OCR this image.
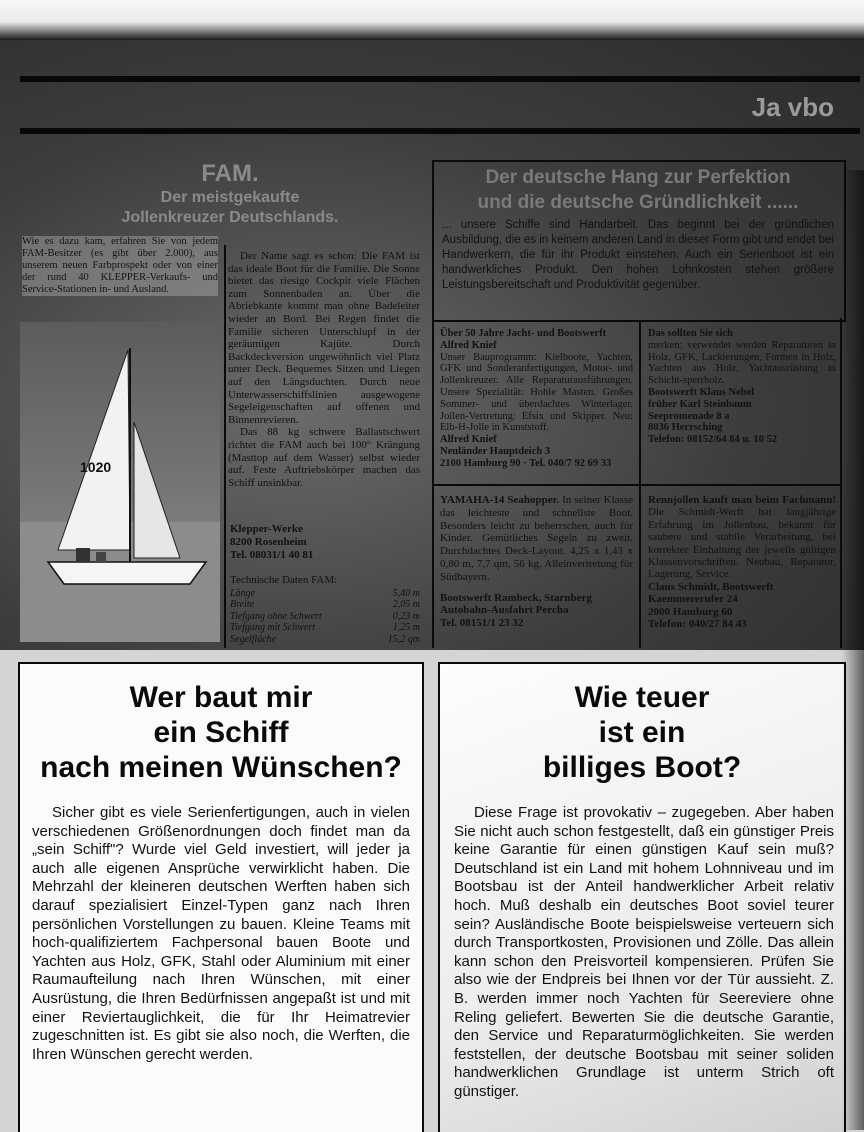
Ja vbo
FAM.
Der meistgekaufte
Jollenkreuzer Deutschlands.
Wie es dazu kam, erfahren Sie von jedem FAM-Besitzer (es gibt über 2.000), aus unserem neuen Farbprospekt oder von einer der rund 40 KLEPPER-Verkaufs- und Service-Stationen in- und Ausland.
1020

Der Name sagt es schon: Die FAM ist das ideale Boot für die Familie. Die Sonne bietet das riesige Cockpit viele Flächen zum Sonnenbaden an. Über die Abriebkante kommt man ohne Badeleiter wieder an Bord. Bei Regen findet die Familie sicheren Unterschlupf in der geräumigen Kajüte. Durch Backdeckversion ungewöhnlich viel Platz unter Deck. Bequemes Sitzen und Liegen auf den Längsduchten. Durch neue Unterwasserschiffslinien ausgewogene Segeleigenschaften auf offenen und Binnenrevieren.

Das 88 kg schwere Ballastschwert richtet die FAM auch bei 100° Krängung (Masttop auf dem Wasser) selbst wieder auf. Feste Auftriebskörper machen das Schiff unsinkbar.

Klepper-Werke
8200 Rosenheim
Tel. 08031/1 40 81
Technische Daten FAM:
Länge	5,40 m
Breite	2,05 m
Tiefgang ohne Schwert	0,23 m
Tiefgang mit Schwert	1,25 m
Segelfläche	15,2 qm
Der deutsche Hang zur Perfektion
und die deutsche Gründlichkeit ......
... unsere Schiffe sind Handarbeit. Das beginnt bei der gründlichen Ausbildung, die es in keinem anderen Land in dieser Form gibt und endet bei Handwerkern, die für ihr Produkt einstehen. Auch ein Serienboot ist ein handwerkliches Produkt. Den hohen Lohnkosten stehen größere Leistungsbereitschaft und Produktivität gegenüber.
Über 50 Jahre Jacht- und Bootswerft
Alfred Knief
Unser Bauprogramm: Kielboote, Yachten, GFK und Sonderanfertigungen, Motor- und Jollenkreuzer. Alle Reparaturausführungen. Unsere Spezialität: Hohle Masten. Großes Sommer- und überdachtes Winterlager. Jollen-Vertretung: Efsix und Skipper. Neu: Elb-H-Jolle in Kunststoff.
Alfred Knief
Neuländer Hauptdeich 3
2100 Hamburg 90 · Tel. 040/7 92 69 33
Das sollten Sie sich
merken: verwendet werden Reparaturen in Holz, GFK, Lackierungen, Formen in Holz, Yachten aus Holz, Yachtausrüstung in Schicht-sperrholz.
Bootswerft Klaus Nebel
früher Karl Steinbaum
Seepromenade 8 a
8036 Herrsching
Telefon: 08152/64 84 u. 10 52
YAMAHA-14 Seahopper. In seiner Klasse das leichteste und schnellste Boot. Besonders leicht zu beherrschen, auch für Kinder. Gemütliches Segeln zu zweit. Durchdachtes Deck-Layout. 4,25 x 1,43 x 0,80 m, 7,7 qm, 56 kg. Alleinvertretung für Südbayern.
Bootswerft Rambeck, Starnberg
Autobahn-Ausfahrt Percha
Tel. 08151/1 23 32
Rennjollen kauft man beim Fachmann! Die Schmidt-Werft hat langjährige Erfahrung im Jollenbau, bekannt für saubere und stabile Verarbeitung, bei korrekter Einhaltung der jeweils gültigen Klassenvorschriften. Neubau, Reparatur, Lagerung, Service.
Claus Schmidt, Bootswerft
Kaemmererufer 24
2000 Hamburg 60
Telefon: 040/27 84 43
Wer baut mir
ein Schiff
nach meinen Wünschen?
Sicher gibt es viele Serienfertigungen, auch in vielen verschiedenen Größenordnungen doch findet man da „sein Schiff"? Wurde viel Geld investiert, will jeder ja auch alle eigenen Ansprüche verwirklicht haben. Die Mehrzahl der kleineren deutschen Werften haben sich darauf spezialisiert Einzel-Typen ganz nach Ihren persönlichen Vorstellungen zu bauen. Kleine Teams mit hoch-qualifiziertem Fachpersonal bauen Boote und Yachten aus Holz, GFK, Stahl oder Aluminium mit einer Raumaufteilung nach Ihren Wünschen, mit einer Ausrüstung, die Ihren Bedürfnissen angepaßt ist und mit einer Reviertauglichkeit, die für Ihr Heimatrevier zugeschnitten ist. Es gibt sie also noch, die Werften, die Ihren Wünschen gerecht werden.
Wie teuer
ist ein
billiges Boot?
Diese Frage ist provokativ – zugegeben. Aber haben Sie nicht auch schon festgestellt, daß ein günstiger Preis keine Garantie für einen günstigen Kauf sein muß? Deutschland ist ein Land mit hohem Lohnniveau und im Bootsbau ist der Anteil handwerklicher Arbeit relativ hoch. Muß deshalb ein deutsches Boot soviel teurer sein? Ausländische Boote beispielsweise verteuern sich durch Transportkosten, Provisionen und Zölle. Das allein kann schon den Preisvorteil kompensieren. Prüfen Sie also wie der Endpreis bei Ihnen vor der Tür aussieht. Z. B. werden immer noch Yachten für Seereviere ohne Reling geliefert. Bewerten Sie die deutsche Garantie, den Service und Reparaturmöglichkeiten. Sie werden feststellen, der deutsche Bootsbau mit seiner soliden handwerklichen Grundlage ist unterm Strich oft günstiger.
